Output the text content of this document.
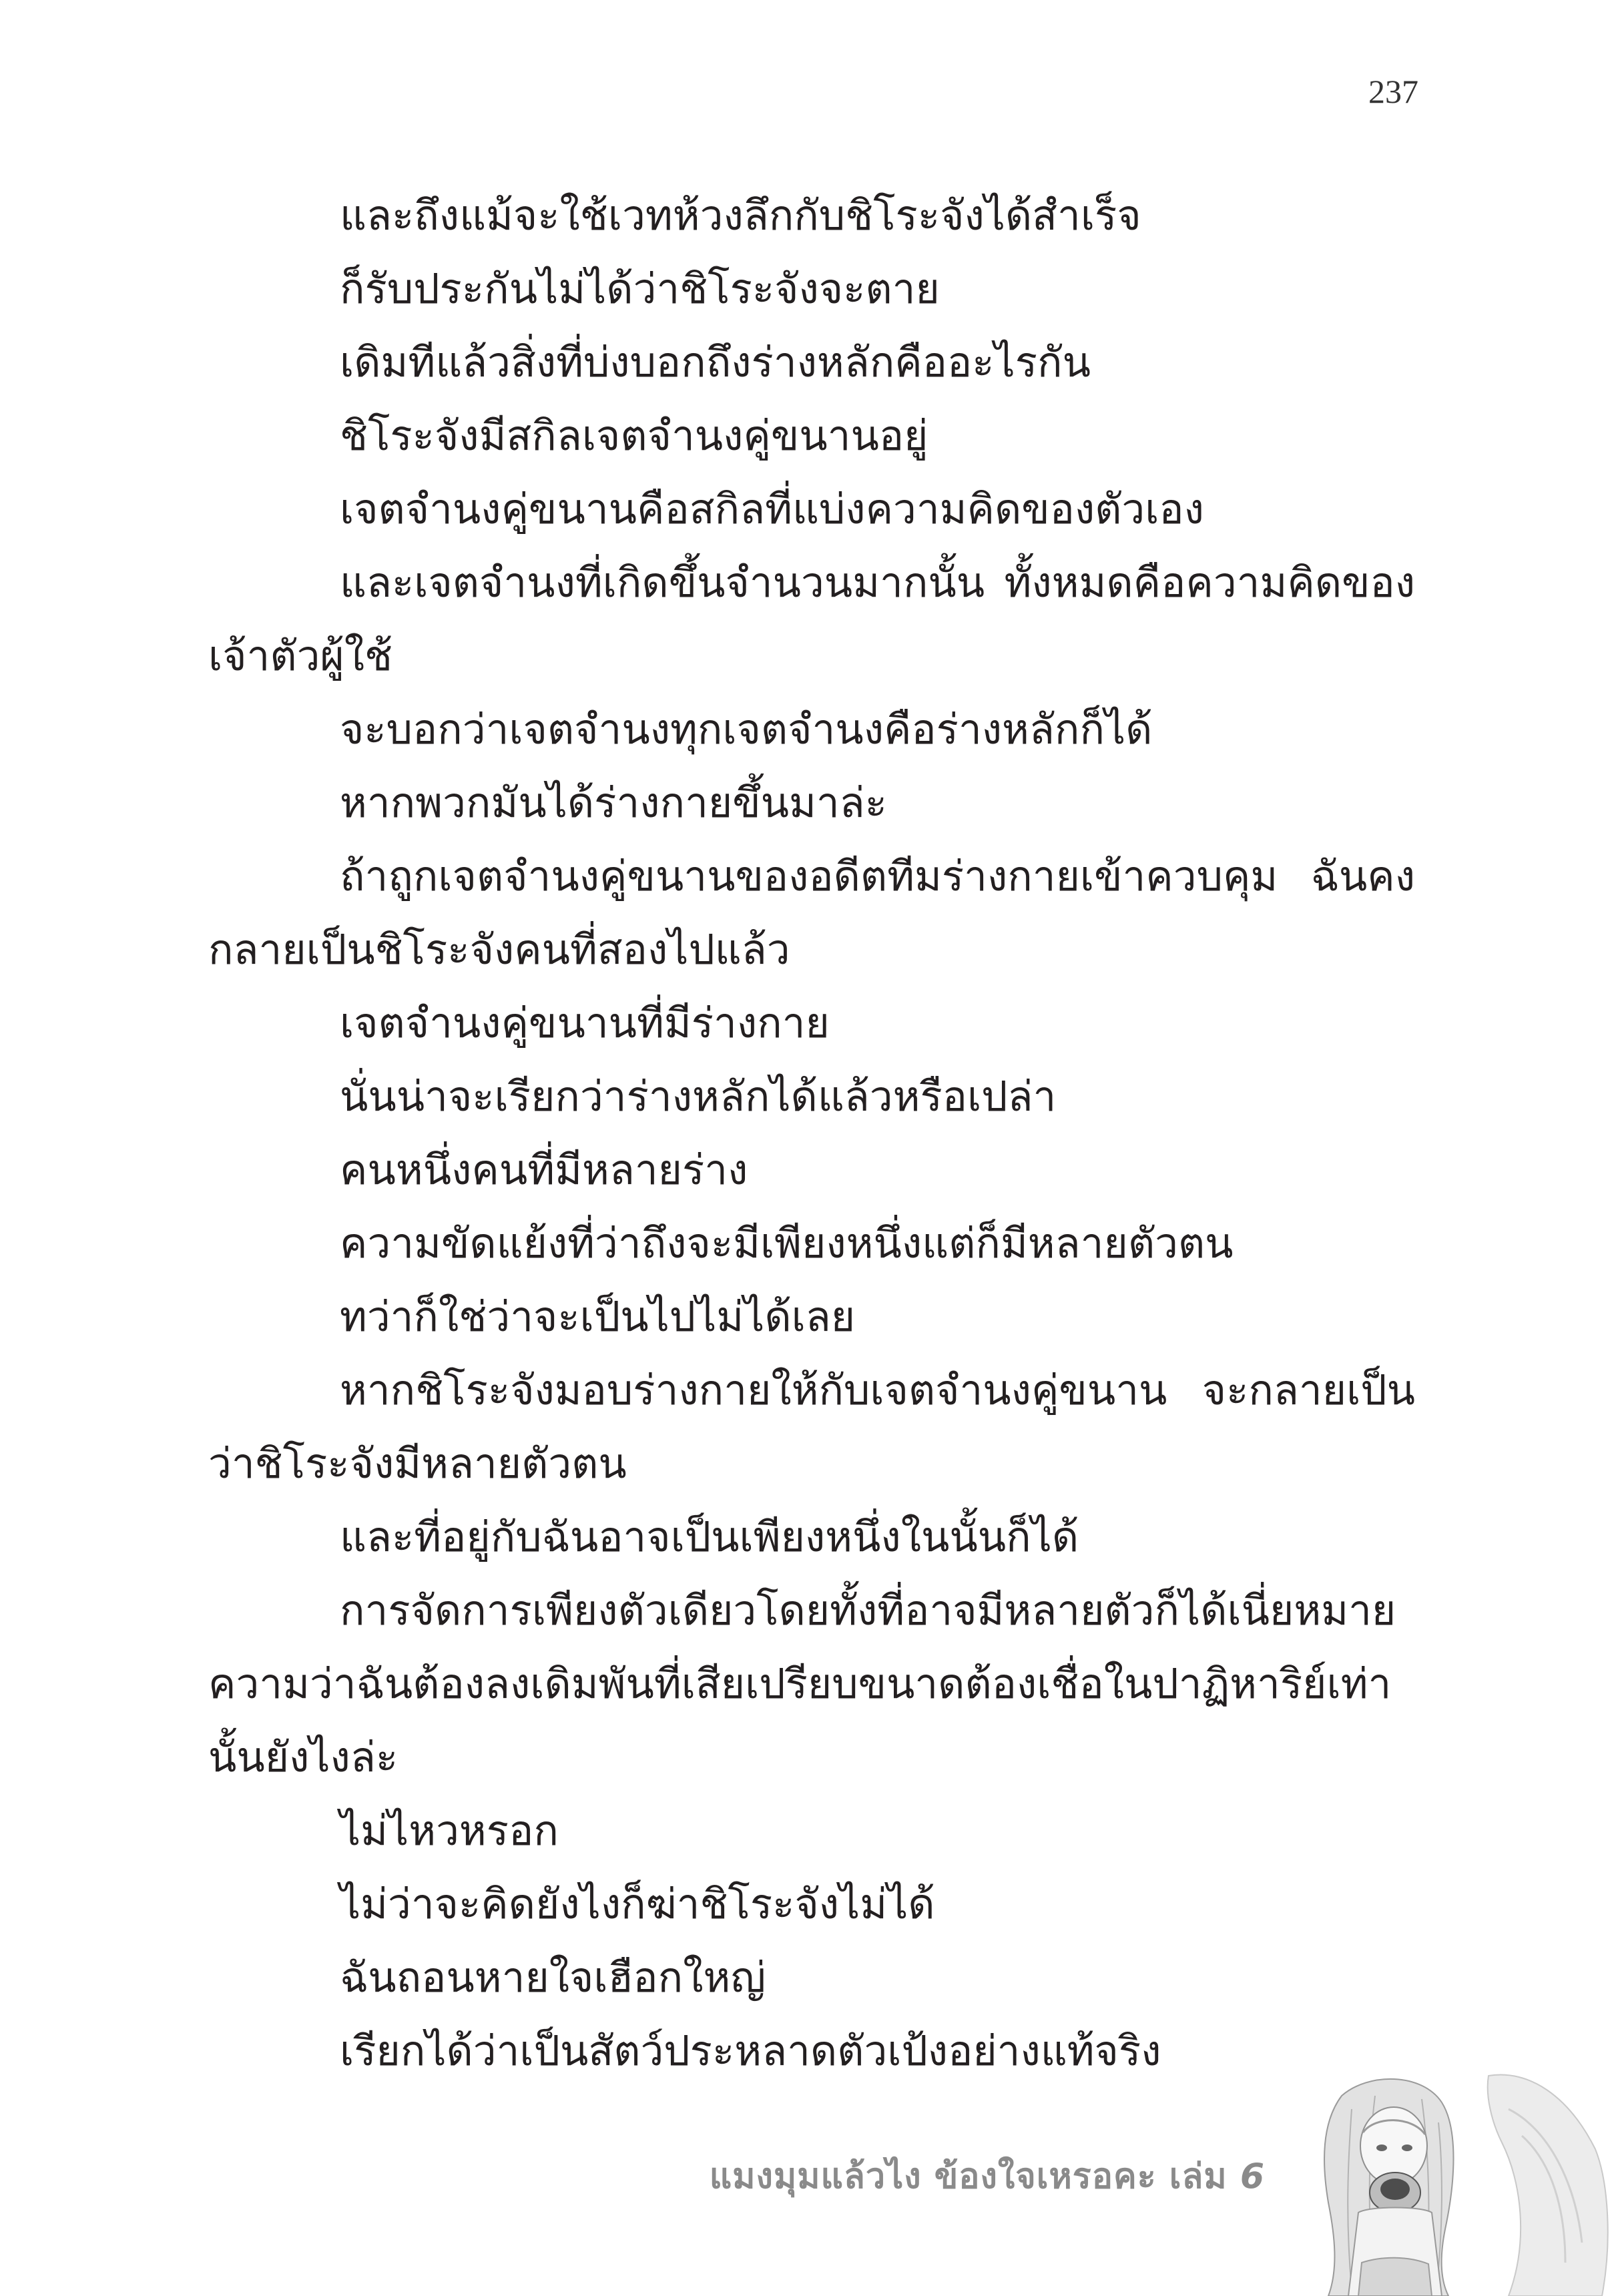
237

และถึงแม้จะใช้เวทห้วงลึกกับชิโระจังได้สำเร็จ

ก็รับประกันไม่ได้ว่าชิโระจังจะตาย

เดิมทีแล้วสิ่งที่บ่งบอกถึงร่างหลักคืออะไรกัน

ชิโระจังมีสกิลเจตจำนงคู่ขนานอยู่

เจตจำนงคู่ขนานคือสกิลที่แบ่งความคิดของตัวเอง

และเจตจำนงที่เกิดขึ้นจำนวนมากนั้น ทั้งหมดคือความคิดของเจ้าตัวผู้ใช้

จะบอกว่าเจตจำนงทุกเจตจำนงคือร่างหลักก็ได้

หากพวกมันได้ร่างกายขึ้นมาล่ะ

ถ้าถูกเจตจำนงคู่ขนานของอดีตทีมร่างกายเข้าควบคุม ฉันคงกลายเป็นชิโระจังคนที่สองไปแล้ว

เจตจำนงคู่ขนานที่มีร่างกาย

นั่นน่าจะเรียกว่าร่างหลักได้แล้วหรือเปล่า

คนหนึ่งคนที่มีหลายร่าง

ความขัดแย้งที่ว่าถึงจะมีเพียงหนึ่งแต่ก็มีหลายตัวตน

ทว่าก็ใช่ว่าจะเป็นไปไม่ได้เลย

หากชิโระจังมอบร่างกายให้กับเจตจำนงคู่ขนาน จะกลายเป็นว่าชิโระจังมีหลายตัวตน

และที่อยู่กับฉันอาจเป็นเพียงหนึ่งในนั้นก็ได้

การจัดการเพียงตัวเดียวโดยทั้งที่อาจมีหลายตัวก็ได้เนี่ยหมายความว่าฉันต้องลงเดิมพันที่เสียเปรียบขนาดต้องเชื่อในปาฏิหาริย์เท่านั้นยังไงล่ะ

ไม่ไหวหรอก

ไม่ว่าจะคิดยังไงก็ฆ่าชิโระจังไม่ได้

ฉันถอนหายใจเฮือกใหญ่

เรียกได้ว่าเป็นสัตว์ประหลาดตัวเป้งอย่างแท้จริง

แมงมุมแล้วไง ข้องใจเหรอคะ เล่ม 6
